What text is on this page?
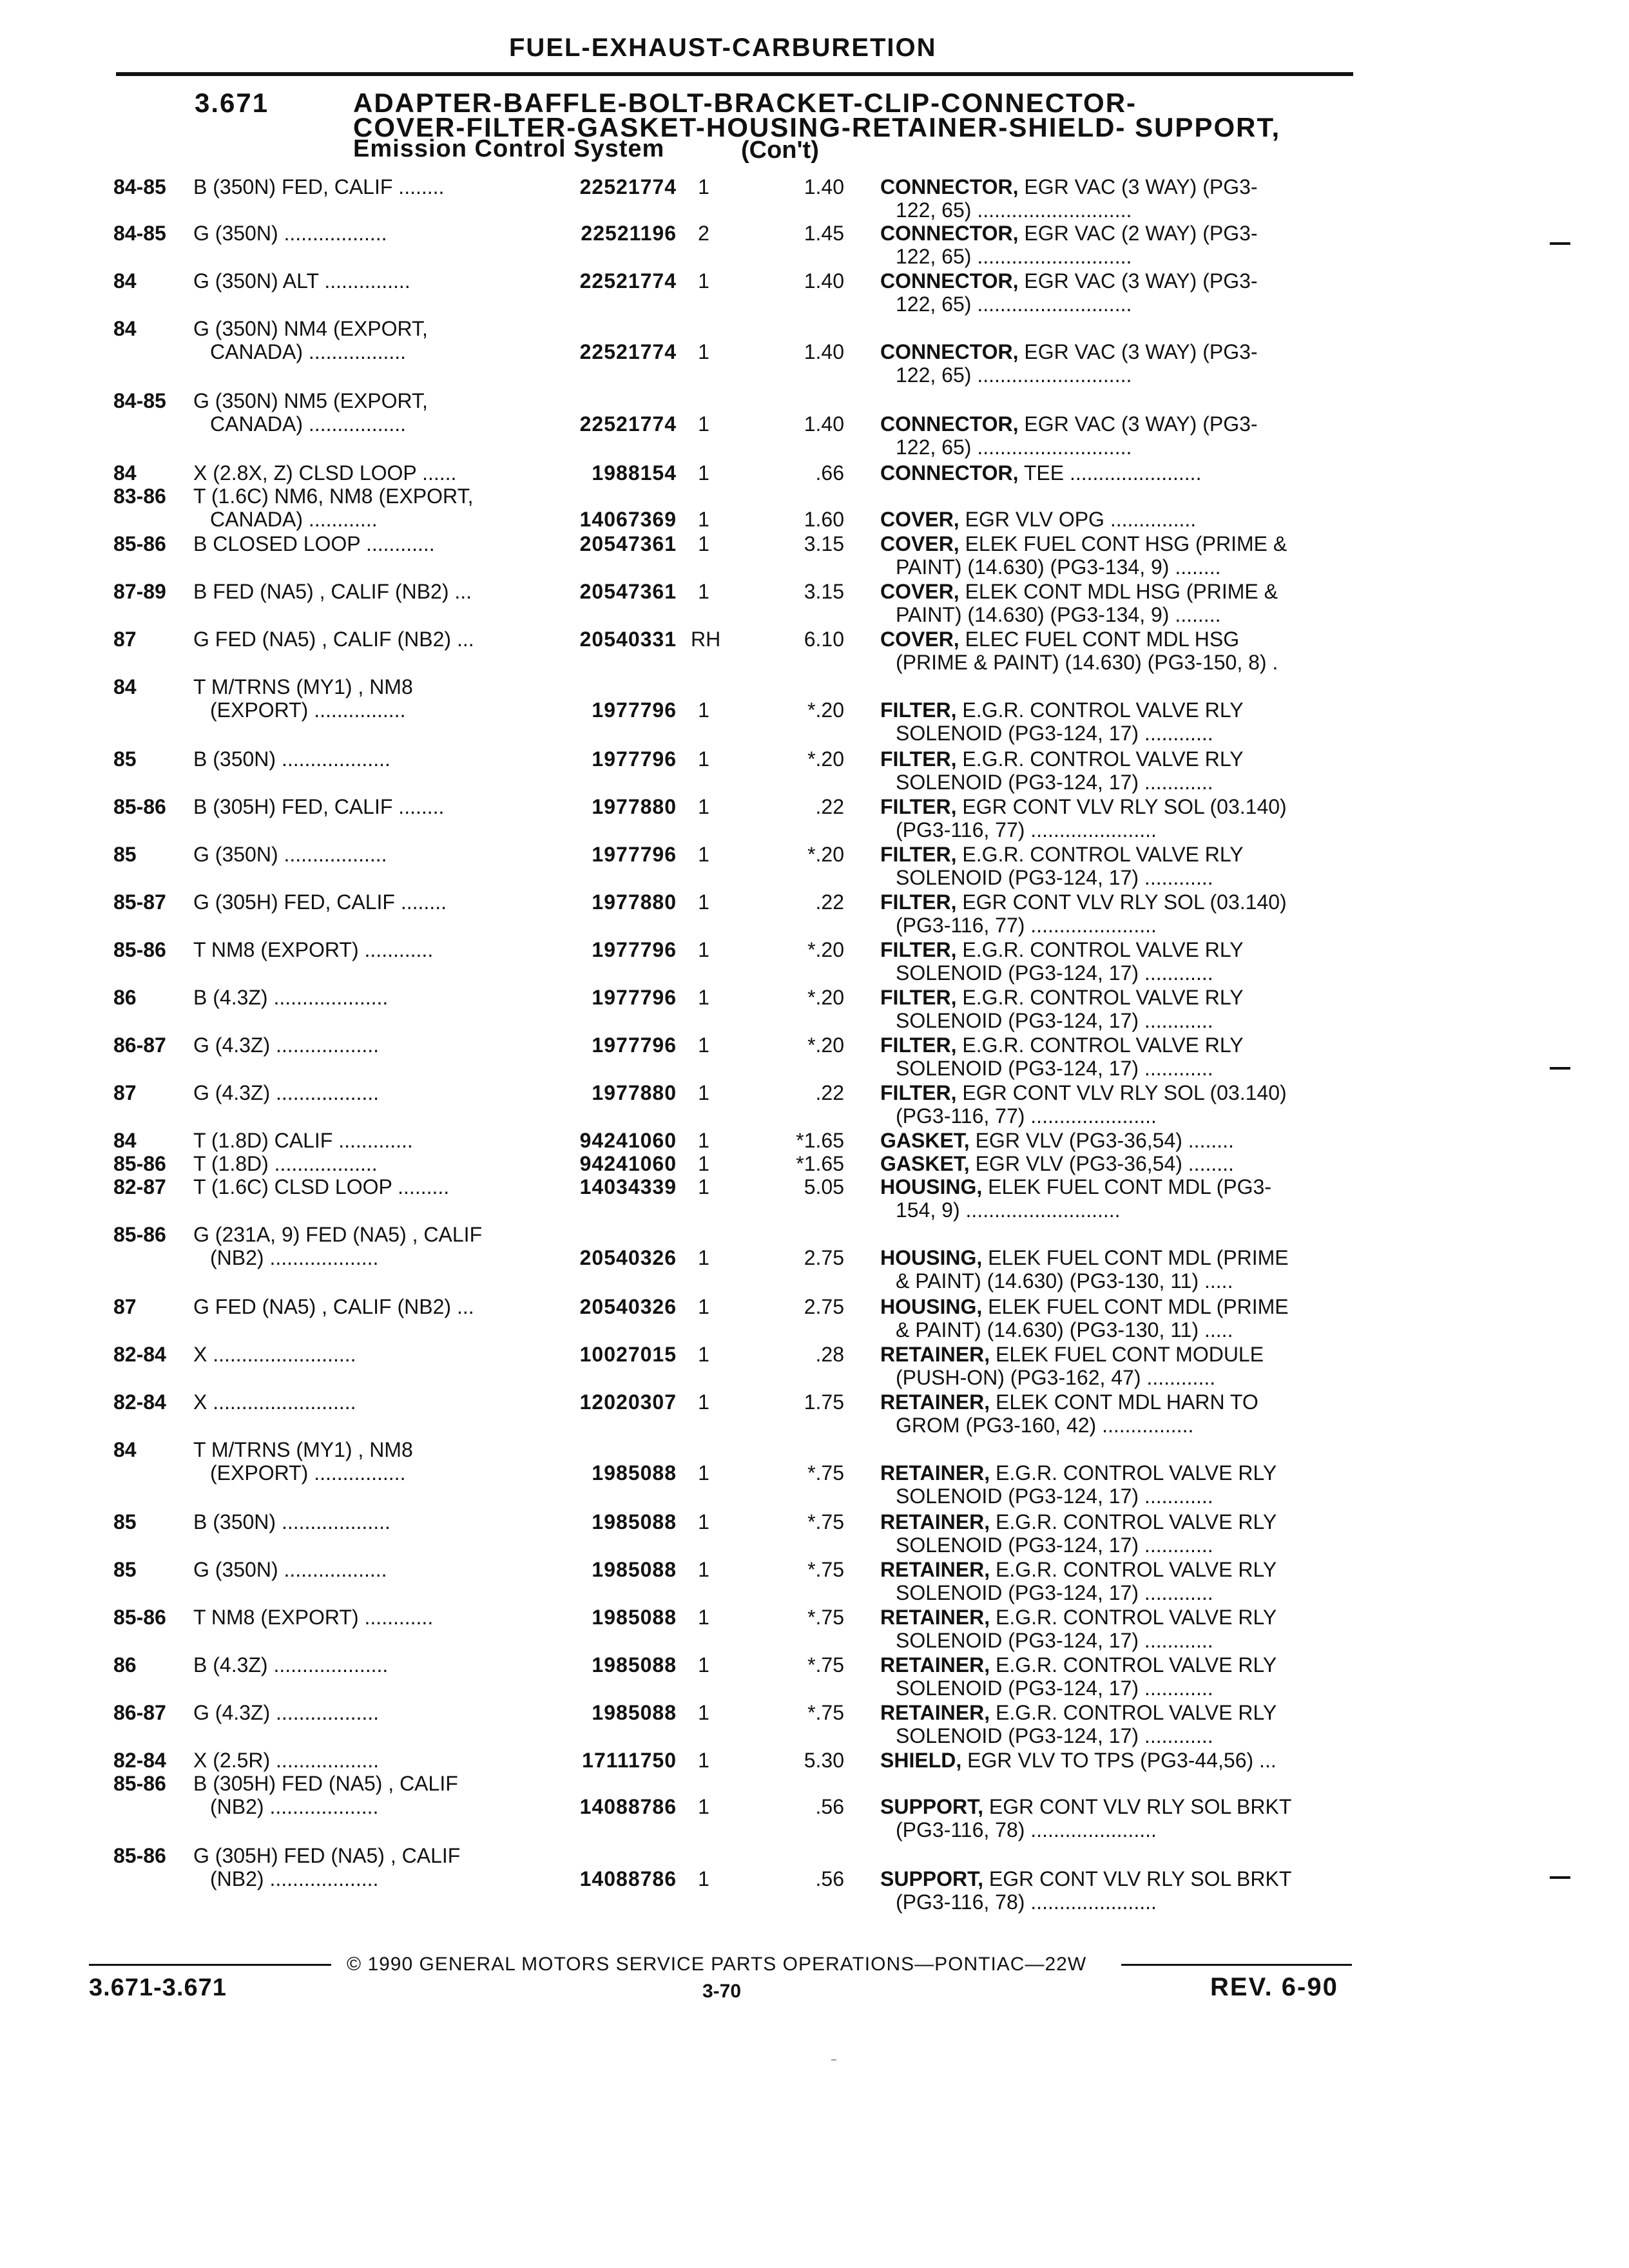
FUEL-EXHAUST-CARBURETION
3.671	ADAPTER-BAFFLE-BOLT-BRACKET-CLIP-CONNECTOR-
COVER-FILTER-GASKET-HOUSING-RETAINER-SHIELD- SUPPORT,
Emission Control System	(Con't)
84-85 B (350N) FED, CALIF ........	22521774	1	1.40 CONNECTOR, EGR VAC (3 WAY) (PG3-
122, 65) ...........................
84-85 G (350N) ..................	22521196	2	1.45 CONNECTOR, EGR VAC (2 WAY) (PG3-
122, 65) ...........................
84	G (350N) ALT ...............	22521774	1	1.40 CONNECTOR, EGR VAC (3 WAY) (PG3-
122, 65) ...........................
84	G (350N) NM4 (EXPORT,
CANADA) .................	22521774	1	1.40 CONNECTOR, EGR VAC (3 WAY) (PG3-
122, 65) ...........................
84-85 G (350N) NM5 (EXPORT,
CANADA) .................	22521774	1	1.40 CONNECTOR, EGR VAC (3 WAY) (PG3-
122, 65) ...........................
84	X (2.8X, Z) CLSD LOOP ......	1988154	1	.66 CONNECTOR, TEE .......................
83-86 T (1.6C) NM6, NM8 (EXPORT,
CANADA) ............	14067369	1	1.60 COVER, EGR VLV OPG ...............
85-86 B CLOSED LOOP ............	20547361	1	3.15 COVER, ELEK FUEL CONT HSG (PRIME &
PAINT) (14.630) (PG3-134, 9) ........
87-89 B FED (NA5) , CALIF (NB2) ...	20547361	1	3.15 COVER, ELEK CONT MDL HSG (PRIME &
PAINT) (14.630) (PG3-134, 9) ........
87	G FED (NA5) , CALIF (NB2) ...	20540331 RH	6.10 COVER, ELEC FUEL CONT MDL HSG
(PRIME & PAINT) (14.630) (PG3-150, 8) .
84	T M/TRNS (MY1) , NM8
(EXPORT) ................	1977796	1	*.20 FILTER, E.G.R. CONTROL VALVE RLY
SOLENOID (PG3-124, 17) ............
85	B (350N) ...................	1977796	1	*.20 FILTER, E.G.R. CONTROL VALVE RLY
SOLENOID (PG3-124, 17) ............
85-86 B (305H) FED, CALIF ........	1977880	1	.22 FILTER, EGR CONT VLV RLY SOL (03.140)
(PG3-116, 77) ......................
85	G (350N) ..................	1977796	1	*.20 FILTER, E.G.R. CONTROL VALVE RLY
SOLENOID (PG3-124, 17) ............
85-87 G (305H) FED, CALIF ........	1977880	1	.22 FILTER, EGR CONT VLV RLY SOL (03.140)
(PG3-116, 77) ......................
85-86 T NM8 (EXPORT) ............	1977796	1	*.20 FILTER, E.G.R. CONTROL VALVE RLY
SOLENOID (PG3-124, 17) ............
86	B (4.3Z) ....................	1977796	1	*.20 FILTER, E.G.R. CONTROL VALVE RLY
SOLENOID (PG3-124, 17) ............
86-87 G (4.3Z) ..................	1977796	1	*.20 FILTER, E.G.R. CONTROL VALVE RLY
SOLENOID (PG3-124, 17) ............
87	G (4.3Z) ..................	1977880	1	.22 FILTER, EGR CONT VLV RLY SOL (03.140)
(PG3-116, 77) ......................
84	T (1.8D) CALIF .............	94241060	1	*1.65 GASKET, EGR VLV (PG3-36,54) ........
85-86 T (1.8D) ..................	94241060	1	*1.65 GASKET, EGR VLV (PG3-36,54) ........
82-87 T (1.6C) CLSD LOOP .........	14034339	1	5.05 HOUSING, ELEK FUEL CONT MDL (PG3-
154, 9) ...........................
85-86 G (231A, 9) FED (NA5) , CALIF
(NB2) ...................	20540326	1	2.75 HOUSING, ELEK FUEL CONT MDL (PRIME
& PAINT) (14.630) (PG3-130, 11) .....
87	G FED (NA5) , CALIF (NB2) ...	20540326	1	2.75 HOUSING, ELEK FUEL CONT MDL (PRIME
& PAINT) (14.630) (PG3-130, 11) .....
82-84 X .........................	10027015	1	.28 RETAINER, ELEK FUEL CONT MODULE
(PUSH-ON) (PG3-162, 47) ............
82-84 X .........................	12020307	1	1.75 RETAINER, ELEK CONT MDL HARN TO
GROM (PG3-160, 42) ................
84	T M/TRNS (MY1) , NM8
(EXPORT) ................	1985088	1	*.75 RETAINER, E.G.R. CONTROL VALVE RLY
SOLENOID (PG3-124, 17) ............
85	B (350N) ...................	1985088	1	*.75 RETAINER, E.G.R. CONTROL VALVE RLY
SOLENOID (PG3-124, 17) ............
85	G (350N) ..................	1985088	1	*.75 RETAINER, E.G.R. CONTROL VALVE RLY
SOLENOID (PG3-124, 17) ............
85-86 T NM8 (EXPORT) ............	1985088	1	*.75 RETAINER, E.G.R. CONTROL VALVE RLY
SOLENOID (PG3-124, 17) ............
86	B (4.3Z) ....................	1985088	1	*.75 RETAINER, E.G.R. CONTROL VALVE RLY
SOLENOID (PG3-124, 17) ............
86-87 G (4.3Z) ..................	1985088	1	*.75 RETAINER, E.G.R. CONTROL VALVE RLY
SOLENOID (PG3-124, 17) ............
82-84 X (2.5R) ..................	17111750	1	5.30 SHIELD, EGR VLV TO TPS (PG3-44,56) ...
85-86 B (305H) FED (NA5) , CALIF
(NB2) ...................	14088786	1	.56 SUPPORT, EGR CONT VLV RLY SOL BRKT
(PG3-116, 78) ......................
85-86 G (305H) FED (NA5) , CALIF
(NB2) ...................	14088786	1	.56 SUPPORT, EGR CONT VLV RLY SOL BRKT
(PG3-116, 78) ......................
© 1990 GENERAL MOTORS SERVICE PARTS OPERATIONS—PONTIAC—22W
3.671-3.671	3-70	REV. 6-90
